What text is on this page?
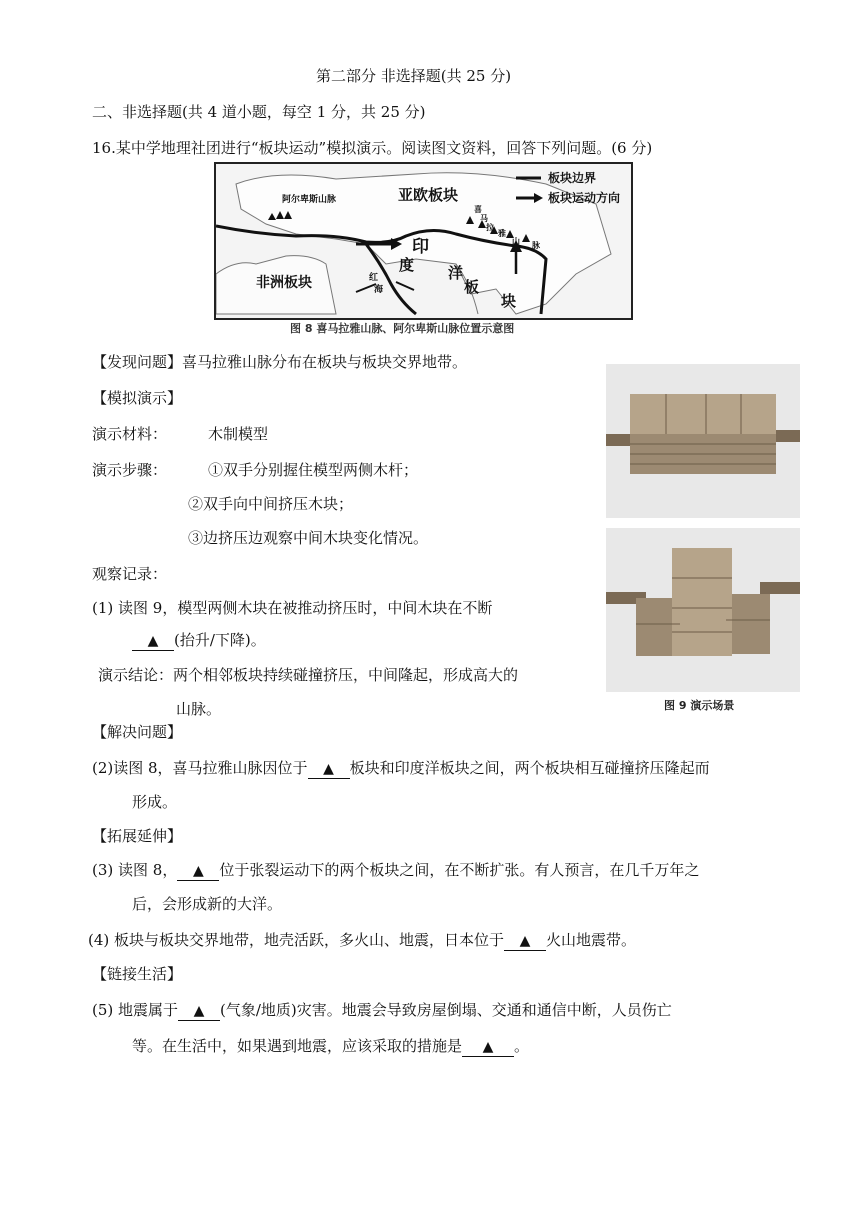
第二部分 非选择题(共 25 分)
二、非选择题(共 4 道小题，每空 1 分，共 25 分)
16.某中学地理社团进行“板块运动”模拟演示。阅读图文资料，回答下列问题。(6 分)
板块边界
板块运动方向
亚欧板块
非洲板块
阿尔卑斯山脉
印
度 洋
板
块
红
海
喜
马
拉
雅
山 脉
图 8 喜马拉雅山脉、阿尔卑斯山脉位置示意图
图 9 演示场景
【发现问题】喜马拉雅山脉分布在板块与板块交界地带。
【模拟演示】
演示材料：	木制模型
演示步骤：	①双手分别握住模型两侧木杆；
②双手向中间挤压木块；
③边挤压边观察中间木块变化情况。
观察记录：
(1) 读图 9，模型两侧木块在被推动挤压时，中间木块在不断
▲ (抬升/下降)。
演示结论：两个相邻板块持续碰撞挤压，中间隆起，形成高大的
山脉。
【解决问题】
(2)读图 8，喜马拉雅山脉因位于 ▲ 板块和印度洋板块之间，两个板块相互碰撞挤压隆起而
形成。
【拓展延伸】
(3) 读图 8， ▲ 位于张裂运动下的两个板块之间，在不断扩张。有人预言，在几千万年之
后，会形成新的大洋。
(4) 板块与板块交界地带，地壳活跃，多火山、地震，日本位于 ▲ 火山地震带。
【链接生活】
(5) 地震属于 ▲ (气象/地质)灾害。地震会导致房屋倒塌、交通和通信中断，人员伤亡
等。在生活中，如果遇到地震，应该采取的措施是 ▲ 。
